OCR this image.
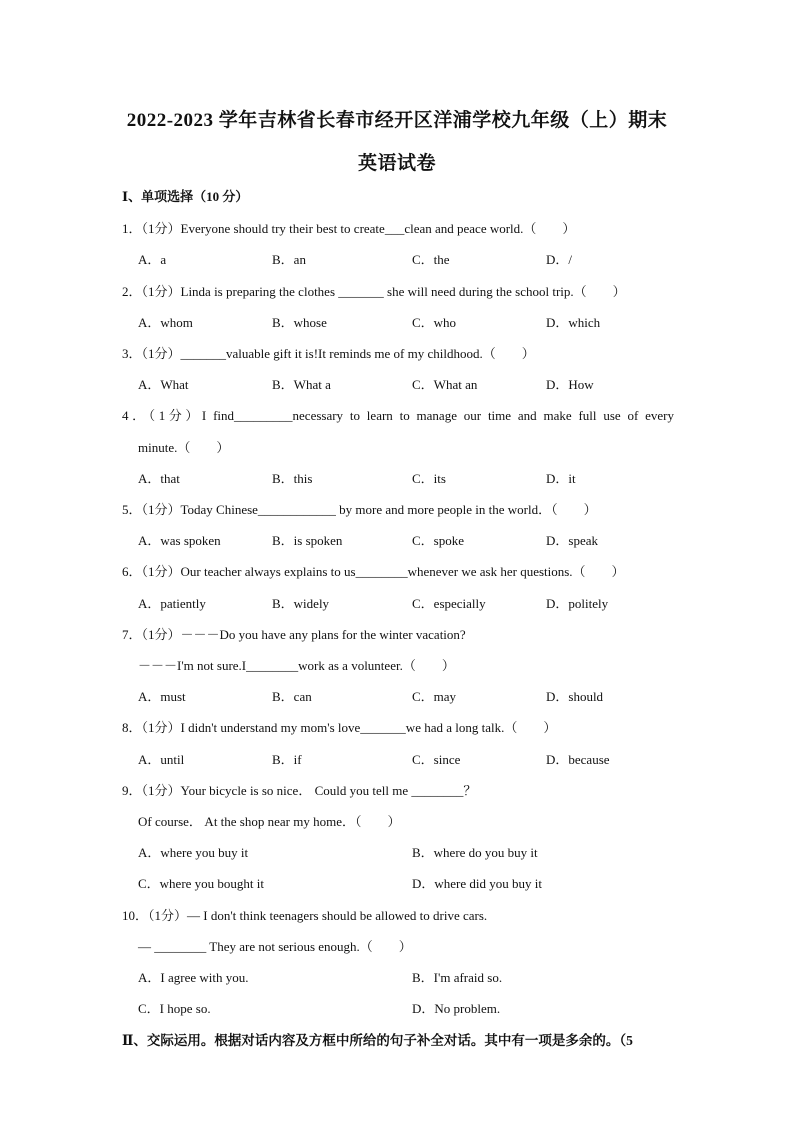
2022-2023 学年吉林省长春市经开区洋浦学校九年级（上）期末
英语试卷
Ⅰ、单项选择（10 分）
1．（1分）Everyone should try their best to create___clean and peace world.（　　）
A．a	B．an	C．the	D．/
2．（1分）Linda is preparing the clothes _______ she will need during the school trip.（　　）
A．whom	B．whose	C．who	D．which
3．（1分）_______valuable gift it is!It reminds me of my childhood.（　　）
A．What	B．What a	C．What an	D．How
4．（1分）I find_________necessary to learn to manage our time and make full use of every
minute.（　　）
A．that	B．this	C．its	D．it
5．（1分）Today Chinese____________ by more and more people in the world．（　　）
A．was spoken	B．is spoken	C．spoke	D．speak
6．（1分）Our teacher always explains to us________whenever we ask her questions.（　　）
A．patiently	B．widely	C．especially	D．politely
7．（1分）－－－Do you have any plans for the winter vacation?
－－－I'm not sure.I________work as a volunteer.（　　）
A．must	B．can	C．may	D．should
8．（1分）I didn't understand my mom's love_______we had a long talk.（　　）
A．until	B．if	C．since	D．because
9．（1分）Your bicycle is so nice． Could you tell me ________？
Of course． At the shop near my home．（　　）
A．where you buy it	B．where do you buy it
C．where you bought it	D．where did you buy it
10．（1分）— I don't think teenagers should be allowed to drive cars.
— ________ They are not serious enough.（　　）
A．I agree with you.	B．I'm afraid so.
C．I hope so.	D．No problem.
Ⅱ、交际运用。根据对话内容及方框中所给的句子补全对话。其中有一项是多余的。（5
